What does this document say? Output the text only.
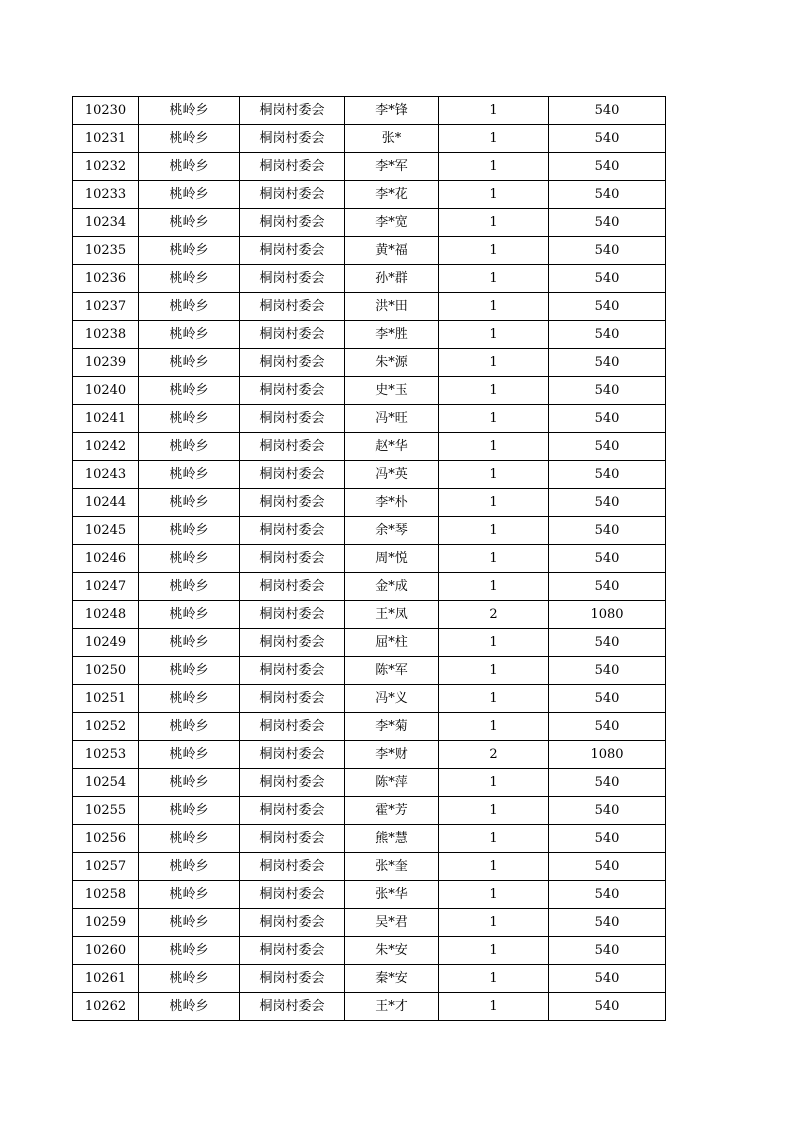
10230	桃岭乡	桐岗村委会	李*锋	1	540
10231	桃岭乡	桐岗村委会	张*	1	540
10232	桃岭乡	桐岗村委会	李*军	1	540
10233	桃岭乡	桐岗村委会	李*花	1	540
10234	桃岭乡	桐岗村委会	李*宽	1	540
10235	桃岭乡	桐岗村委会	黄*福	1	540
10236	桃岭乡	桐岗村委会	孙*群	1	540
10237	桃岭乡	桐岗村委会	洪*田	1	540
10238	桃岭乡	桐岗村委会	李*胜	1	540
10239	桃岭乡	桐岗村委会	朱*源	1	540
10240	桃岭乡	桐岗村委会	史*玉	1	540
10241	桃岭乡	桐岗村委会	冯*旺	1	540
10242	桃岭乡	桐岗村委会	赵*华	1	540
10243	桃岭乡	桐岗村委会	冯*英	1	540
10244	桃岭乡	桐岗村委会	李*朴	1	540
10245	桃岭乡	桐岗村委会	余*琴	1	540
10246	桃岭乡	桐岗村委会	周*悦	1	540
10247	桃岭乡	桐岗村委会	金*成	1	540
10248	桃岭乡	桐岗村委会	王*凤	2	1080
10249	桃岭乡	桐岗村委会	屈*柱	1	540
10250	桃岭乡	桐岗村委会	陈*军	1	540
10251	桃岭乡	桐岗村委会	冯*义	1	540
10252	桃岭乡	桐岗村委会	李*菊	1	540
10253	桃岭乡	桐岗村委会	李*财	2	1080
10254	桃岭乡	桐岗村委会	陈*萍	1	540
10255	桃岭乡	桐岗村委会	霍*芳	1	540
10256	桃岭乡	桐岗村委会	熊*慧	1	540
10257	桃岭乡	桐岗村委会	张*奎	1	540
10258	桃岭乡	桐岗村委会	张*华	1	540
10259	桃岭乡	桐岗村委会	吴*君	1	540
10260	桃岭乡	桐岗村委会	朱*安	1	540
10261	桃岭乡	桐岗村委会	秦*安	1	540
10262	桃岭乡	桐岗村委会	王*才	1	540
